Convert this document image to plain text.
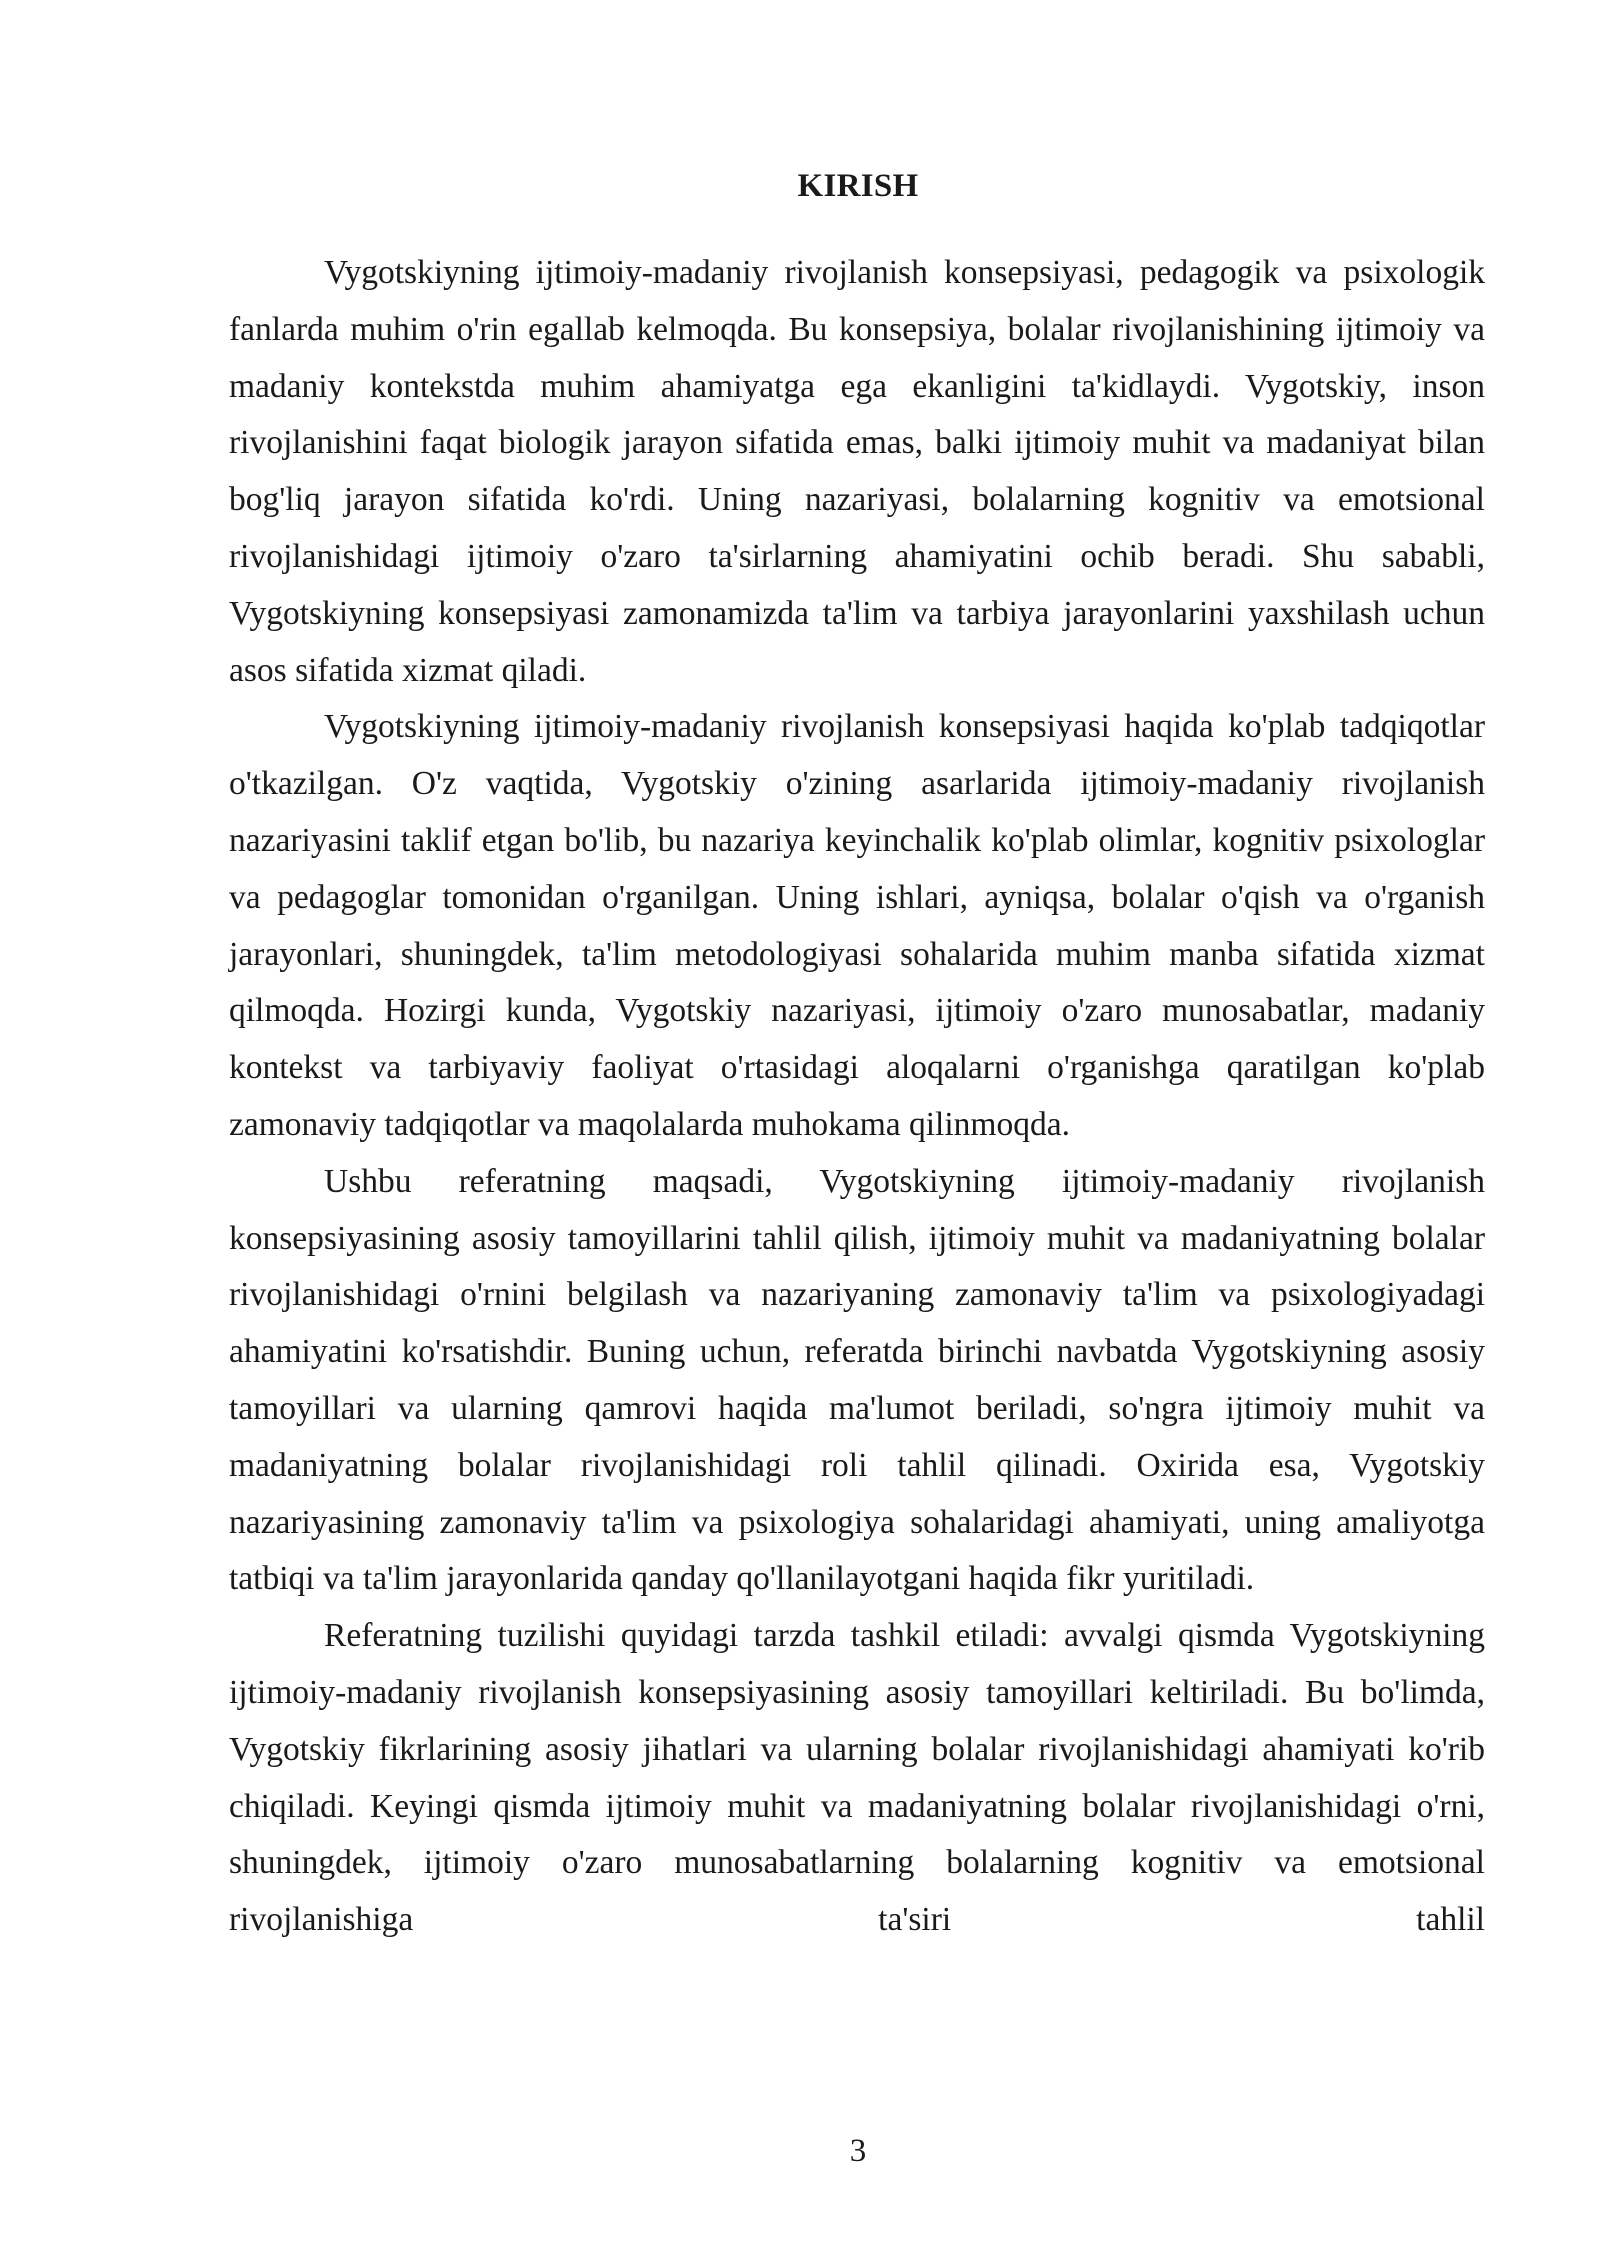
KIRISH

Vygotskiyning ijtimoiy-madaniy rivojlanish konsepsiyasi, pedagogik va psixologik fanlarda muhim o'rin egallab kelmoqda. Bu konsepsiya, bolalar rivojlanishining ijtimoiy va madaniy kontekstda muhim ahamiyatga ega ekanligini ta'kidlaydi. Vygotskiy, inson rivojlanishini faqat biologik jarayon sifatida emas, balki ijtimoiy muhit va madaniyat bilan bog'liq jarayon sifatida ko'rdi. Uning nazariyasi, bolalarning kognitiv va emotsional rivojlanishidagi ijtimoiy o'zaro ta'sirlarning ahamiyatini ochib beradi. Shu sababli, Vygotskiyning konsepsiyasi zamonamizda ta'lim va tarbiya jarayonlarini yaxshilash uchun asos sifatida xizmat qiladi.

Vygotskiyning ijtimoiy-madaniy rivojlanish konsepsiyasi haqida ko'plab tadqiqotlar o'tkazilgan. O'z vaqtida, Vygotskiy o'zining asarlarida ijtimoiy-madaniy rivojlanish nazariyasini taklif etgan bo'lib, bu nazariya keyinchalik ko'plab olimlar, kognitiv psixologlar va pedagoglar tomonidan o'rganilgan. Uning ishlari, ayniqsa, bolalar o'qish va o'rganish jarayonlari, shuningdek, ta'lim metodologiyasi sohalarida muhim manba sifatida xizmat qilmoqda. Hozirgi kunda, Vygotskiy nazariyasi, ijtimoiy o'zaro munosabatlar, madaniy kontekst va tarbiyaviy faoliyat o'rtasidagi aloqalarni o'rganishga qaratilgan ko'plab zamonaviy tadqiqotlar va maqolalarda muhokama qilinmoqda.

Ushbu referatning maqsadi, Vygotskiyning ijtimoiy-madaniy rivojlanish konsepsiyasining asosiy tamoyillarini tahlil qilish, ijtimoiy muhit va madaniyatning bolalar rivojlanishidagi o'rnini belgilash va nazariyaning zamonaviy ta'lim va psixologiyadagi ahamiyatini ko'rsatishdir. Buning uchun, referatda birinchi navbatda Vygotskiyning asosiy tamoyillari va ularning qamrovi haqida ma'lumot beriladi, so'ngra ijtimoiy muhit va madaniyatning bolalar rivojlanishidagi roli tahlil qilinadi. Oxirida esa, Vygotskiy nazariyasining zamonaviy ta'lim va psixologiya sohalaridagi ahamiyati, uning amaliyotga tatbiqi va ta'lim jarayonlarida qanday qo'llanilayotgani haqida fikr yuritiladi.

Referatning tuzilishi quyidagi tarzda tashkil etiladi: avvalgi qismda Vygotskiyning ijtimoiy-madaniy rivojlanish konsepsiyasining asosiy tamoyillari keltiriladi. Bu bo'limda, Vygotskiy fikrlarining asosiy jihatlari va ularning bolalar rivojlanishidagi ahamiyati ko'rib chiqiladi. Keyingi qismda ijtimoiy muhit va madaniyatning bolalar rivojlanishidagi o'rni, shuningdek, ijtimoiy o'zaro munosabatlarning bolalarning kognitiv va emotsional rivojlanishiga ta'siri tahlil

3
